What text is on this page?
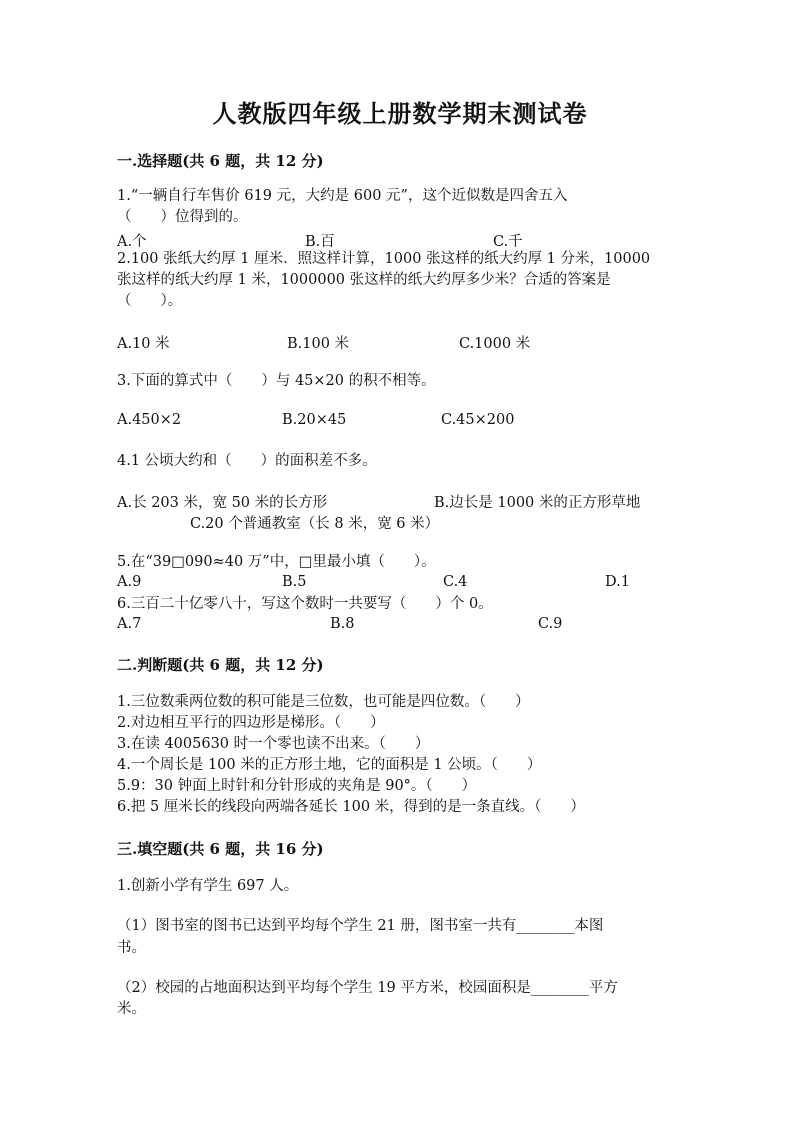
人教版四年级上册数学期末测试卷
一.选择题(共 6 题，共 12 分)
1.“一辆自行车售价 619 元，大约是 600 元”，这个近似数是四舍五入
（　　）位得到的。
A.个	B.百	C.千
2.100 张纸大约厚 1 厘米．照这样计算，1000 张这样的纸大约厚 1 分米，10000
张这样的纸大约厚 1 米，1000000 张这样的纸大约厚多少米？合适的答案是
（　　）。
A.10 米	B.100 米	C.1000 米
3.下面的算式中（　　）与 45×20 的积不相等。
A.450×2	B.20×45	C.45×200
4.1 公顷大约和（　　）的面积差不多。
A.长 203 米，宽 50 米的长方形	B.边长是 1000 米的正方形草地
C.20 个普通教室（长 8 米，宽 6 米）
5.在“39□090≈40 万”中，□里最小填（　　）。
A.9	B.5	C.4	D.1
6.三百二十亿零八十，写这个数时一共要写（　　）个 0。
A.7	B.8	C.9
二.判断题(共 6 题，共 12 分)
1.三位数乘两位数的积可能是三位数，也可能是四位数。（　　）
2.对边相互平行的四边形是梯形。（　　）
3.在读 4005630 时一个零也读不出来。（　　）
4.一个周长是 100 米的正方形土地，它的面积是 1 公顷。（　　）
5.9：30 钟面上时针和分针形成的夹角是 90°。（　　）
6.把 5 厘米长的线段向两端各延长 100 米，得到的是一条直线。（　　）
三.填空题(共 6 题，共 16 分)
1.创新小学有学生 697 人。
（1）图书室的图书已达到平均每个学生 21 册，图书室一共有________本图
书。
（2）校园的占地面积达到平均每个学生 19 平方米，校园面积是________平方
米。
